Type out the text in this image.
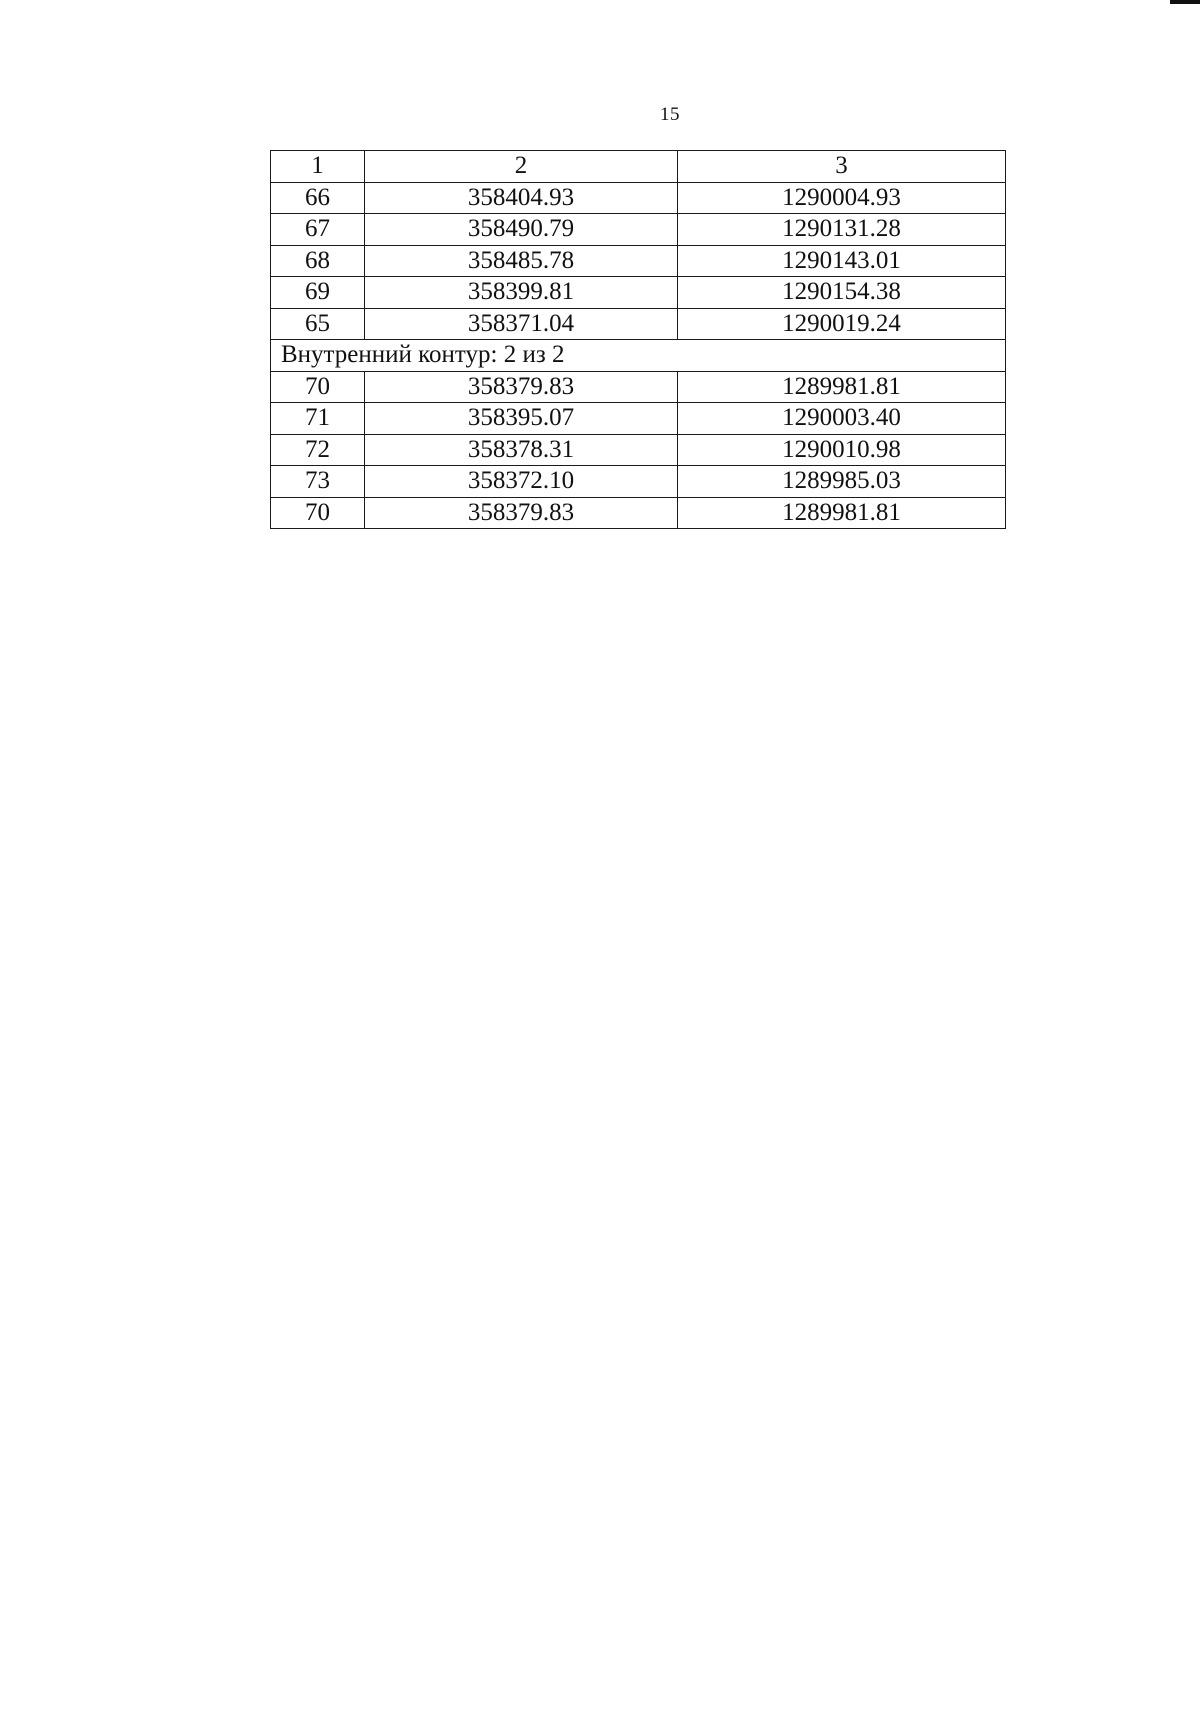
15
1	2	3
66	358404.93	1290004.93
67	358490.79	1290131.28
68	358485.78	1290143.01
69	358399.81	1290154.38
65	358371.04	1290019.24
Внутренний контур: 2 из 2		
70	358379.83	1289981.81
71	358395.07	1290003.40
72	358378.31	1290010.98
73	358372.10	1289985.03
70	358379.83	1289981.81
